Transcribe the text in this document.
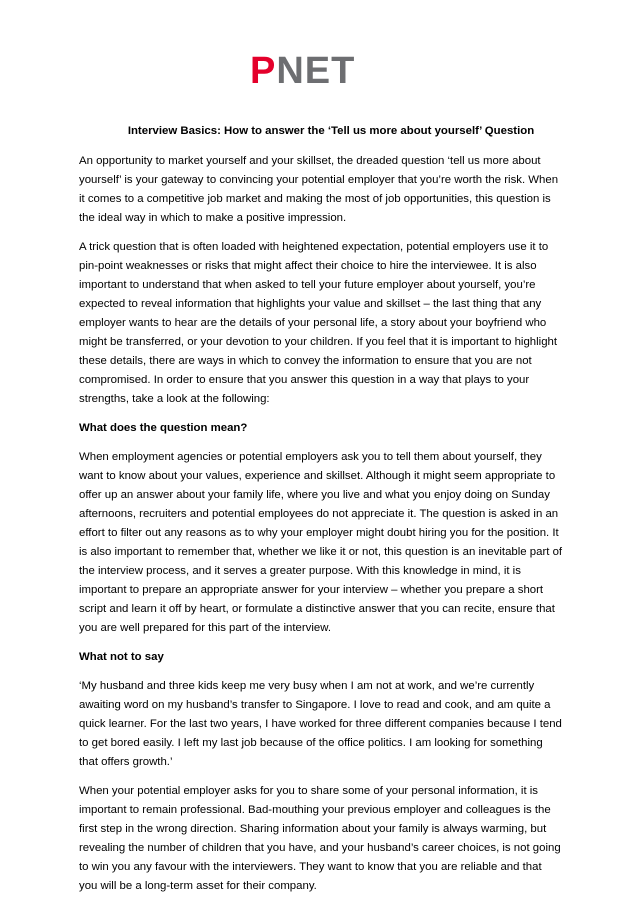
P NET
Interview Basics: How to answer the ‘Tell us more about yourself’ Question

An opportunity to market yourself and your skillset, the dreaded question ‘tell us more about yourself’ is your gateway to convincing your potential employer that you’re worth the risk. When it comes to a competitive job market and making the most of job opportunities, this question is the ideal way in which to make a positive impression.

A trick question that is often loaded with heightened expectation, potential employers use it to pin-point weaknesses or risks that might affect their choice to hire the interviewee. It is also important to understand that when asked to tell your future employer about yourself, you’re expected to reveal information that highlights your value and skillset – the last thing that any employer wants to hear are the details of your personal life, a story about your boyfriend who might be transferred, or your devotion to your children. If you feel that it is important to highlight these details, there are ways in which to convey the information to ensure that you are not compromised. In order to ensure that you answer this question in a way that plays to your strengths, take a look at the following:

What does the question mean?

When employment agencies or potential employers ask you to tell them about yourself, they want to know about your values, experience and skillset. Although it might seem appropriate to offer up an answer about your family life, where you live and what you enjoy doing on Sunday afternoons, recruiters and potential employees do not appreciate it. The question is asked in an effort to filter out any reasons as to why your employer might doubt hiring you for the position. It is also important to remember that, whether we like it or not, this question is an inevitable part of the interview process, and it serves a greater purpose. With this knowledge in mind, it is important to prepare an appropriate answer for your interview – whether you prepare a short script and learn it off by heart, or formulate a distinctive answer that you can recite, ensure that you are well prepared for this part of the interview.

What not to say

‘My husband and three kids keep me very busy when I am not at work, and we’re currently awaiting word on my husband’s transfer to Singapore. I love to read and cook, and am quite a quick learner. For the last two years, I have worked for three different companies because I tend to get bored easily. I left my last job because of the office politics. I am looking for something that offers growth.’

When your potential employer asks for you to share some of your personal information, it is important to remain professional. Bad-mouthing your previous employer and colleagues is the first step in the wrong direction. Sharing information about your family is always warming, but revealing the number of children that you have, and your husband’s career choices, is not going to win you any favour with the interviewers. They want to know that you are reliable and that you will be a long-term asset for their company.
